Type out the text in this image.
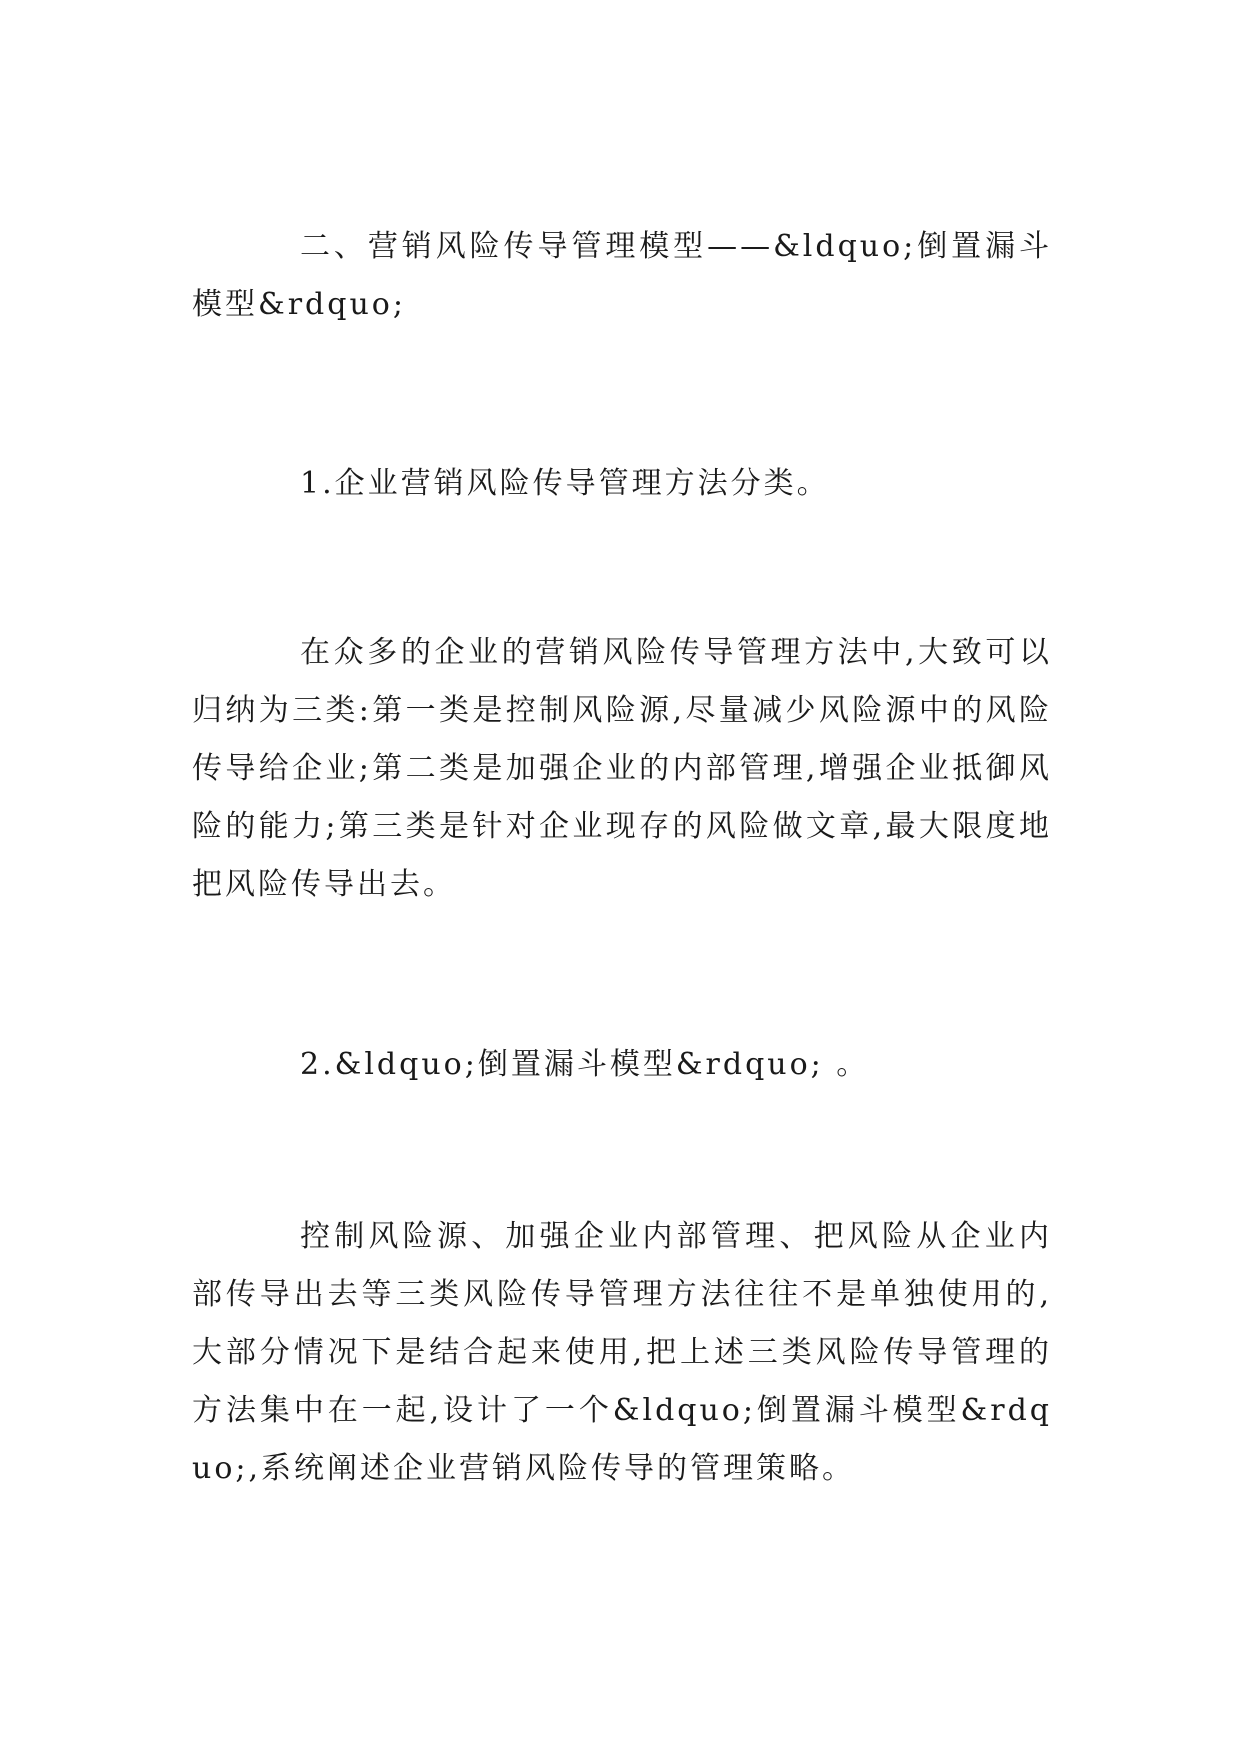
二、营销风险传导管理模型——&ldquo;倒置漏斗模型&rdquo;

1.企业营销风险传导管理方法分类。

在众多的企业的营销风险传导管理方法中,大致可以归纳为三类:第一类是控制风险源,尽量减少风险源中的风险传导给企业;第二类是加强企业的内部管理,增强企业抵御风险的能力;第三类是针对企业现存的风险做文章,最大限度地把风险传导出去。

2.&ldquo;倒置漏斗模型&rdquo; 。

控制风险源、加强企业内部管理、把风险从企业内部传导出去等三类风险传导管理方法往往不是单独使用的,大部分情况下是结合起来使用,把上述三类风险传导管理的方法集中在一起,设计了一个&ldquo;倒置漏斗模型&rdquo;,系统阐述企业营销风险传导的管理策略。
